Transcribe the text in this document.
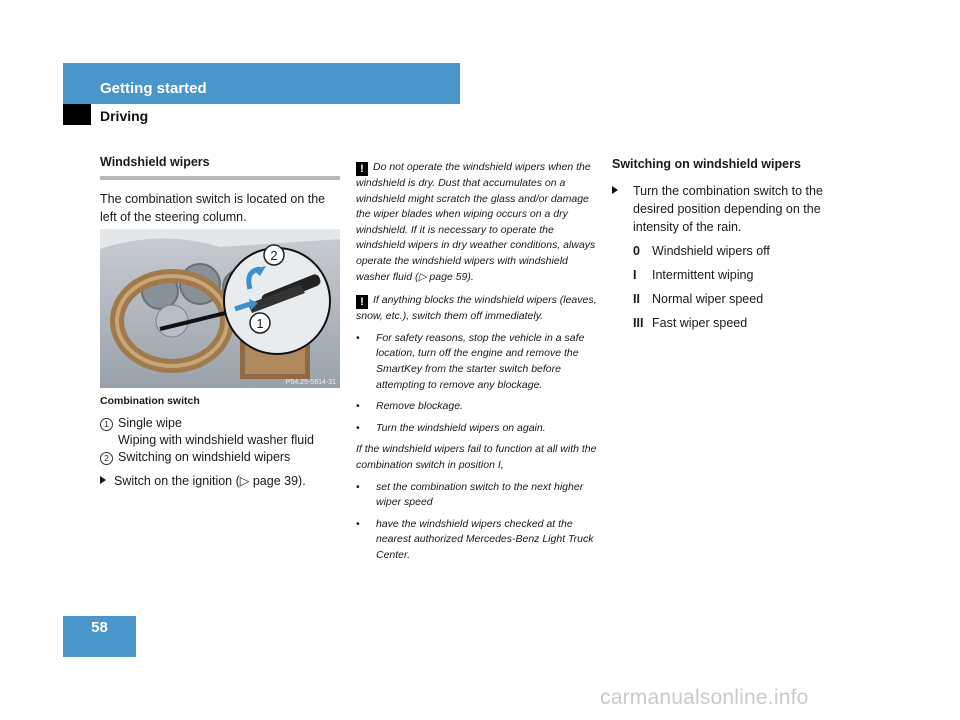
Getting started
Driving
Windshield wipers

The combination switch is located on the left of the steering column.

2
1
P54.25-5814-31
Combination switch
1 Single wipe
Wiping with windshield washer fluid
2 Switching on windshield wipers
Switch on the ignition (▷ page 39).

! Do not operate the windshield wipers when the windshield is dry. Dust that accumulates on a windshield might scratch the glass and/or damage the wiper blades when wiping occurs on a dry windshield. If it is necessary to operate the windshield wipers in dry weather conditions, always operate the windshield wipers with windshield washer fluid (▷ page 59).

! If anything blocks the windshield wipers (leaves, snow, etc.), switch them off immediately.

•	For safety reasons, stop the vehicle in a safe location, turn off the engine and remove the SmartKey from the starter switch before attempting to remove any blockage.
•	Remove blockage.
•	Turn the windshield wipers on again.

If the windshield wipers fail to function at all with the combination switch in position I,

•	set the combination switch to the next higher wiper speed
•	have the windshield wipers checked at the nearest authorized Mercedes-Benz Light Truck Center.
Switching on windshield wipers
Turn the combination switch to the desired position depending on the intensity of the rain.
0 Windshield wipers off
I	Intermittent wiping
II Normal wiper speed
III Fast wiper speed
58
carmanualsonline.info
